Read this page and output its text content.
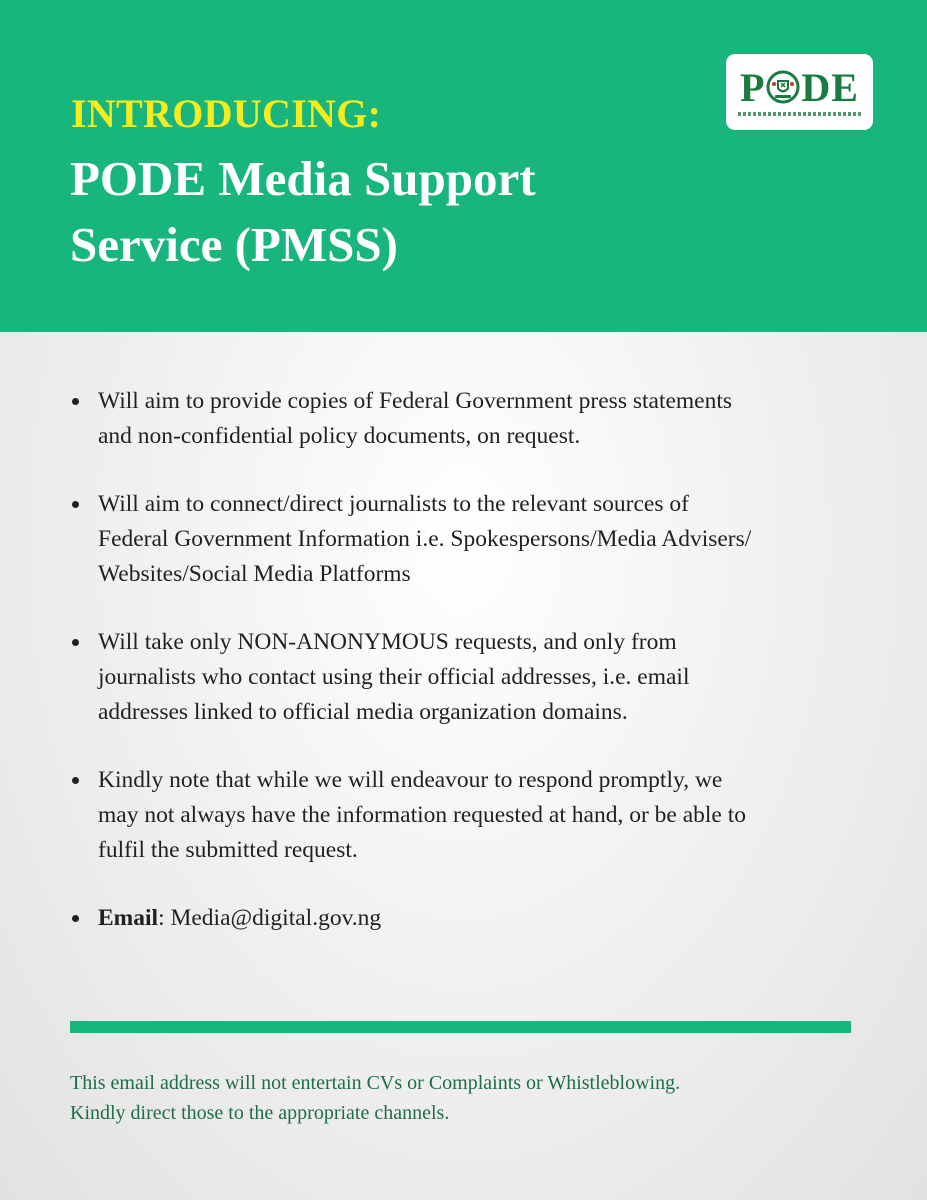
INTRODUCING:
PODE Media Support
Service (PMSS)
P DE
Will aim to provide copies of Federal Government press statements
and non-confidential policy documents, on request.
Will aim to connect/direct journalists to the relevant sources of
Federal Government Information i.e. Spokespersons/Media Advisers/
Websites/Social Media Platforms
Will take only NON-ANONYMOUS requests, and only from
journalists who contact using their official addresses, i.e. email
addresses linked to official media organization domains.
Kindly note that while we will endeavour to respond promptly, we
may not always have the information requested at hand, or be able to
fulfil the submitted request.
Email: Media@digital.gov.ng

This email address will not entertain CVs or Complaints or Whistleblowing.
Kindly direct those to the appropriate channels.
